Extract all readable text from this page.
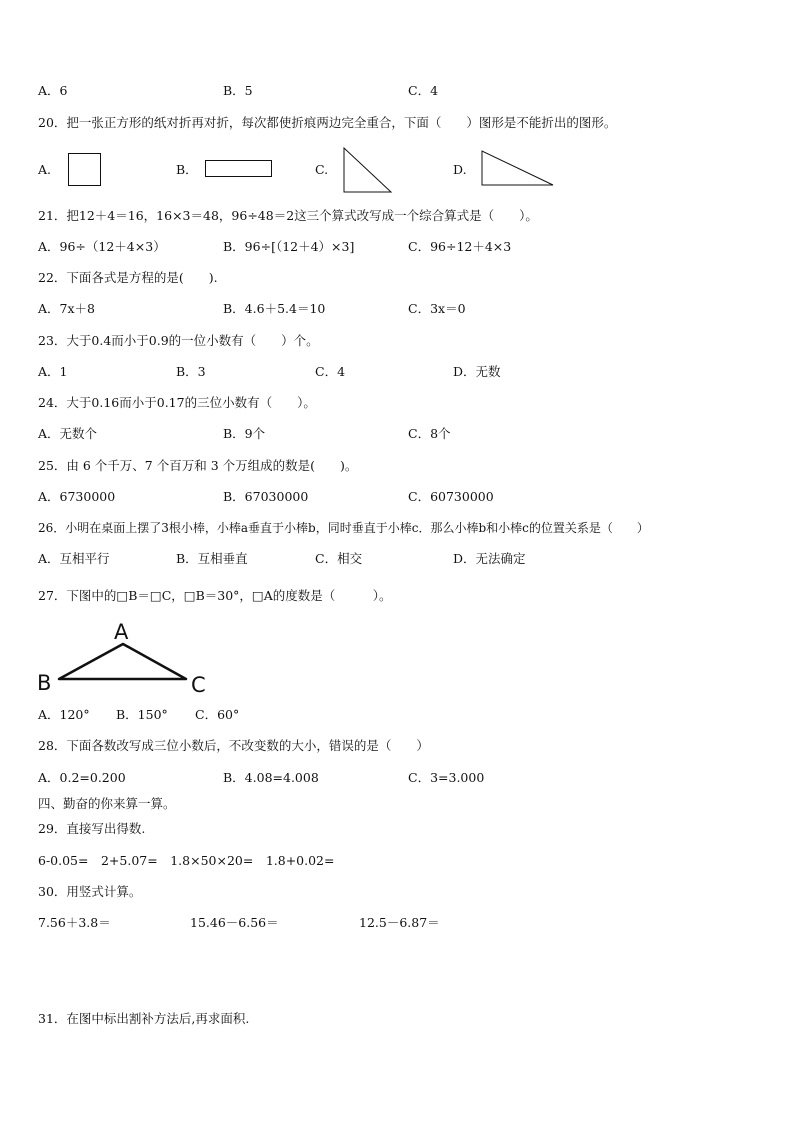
A．6	B．5	C．4
20．把一张正方形的纸对折再对折，每次都使折痕两边完全重合，下面（　　）图形是不能折出的图形。
A.	B．	C.	D.
21．把12＋4＝16，16×3＝48，96÷48＝2这三个算式改写成一个综合算式是（　　）。
A．96÷（12＋4×3）	B．96÷[（12＋4）×3]	C．96÷12＋4×3
22．下面各式是方程的是(　　).
A．7x＋8	B．4.6＋5.4＝10	C．3x＝0
23．大于0.4而小于0.9的一位小数有（　　）个。
A．1	B．3	C．4	D．无数
24．大于0.16而小于0.17的三位小数有（　　）。
A．无数个	B．9个	C．8个
25．由 6 个千万、7 个百万和 3 个万组成的数是(　　)。
A．6730000	B．67030000	C．60730000
26．小明在桌面上摆了3根小棒，小棒a垂直于小棒b，同时垂直于小棒c．那么小棒b和小棒c的位置关系是（　　）
A．互相平行	B．互相垂直	C．相交	D．无法确定
27．下图中的□B＝□C，□B＝30°，□A的度数是（　　　）。
A
B	C
A．120° B．150° C．60°
28．下面各数改写成三位小数后，不改变数的大小，错误的是（　　）
A．0.2=0.200	B．4.08=4.008	C．3=3.000
四、勤奋的你来算一算。
29．直接写出得数.
6-0.05=　2+5.07=　1.8×50×20=　1.8+0.02=
30．用竖式计算。
7.56＋3.8＝	15.46－6.56＝	12.5－6.87＝
31．在图中标出割补方法后,再求面积.
